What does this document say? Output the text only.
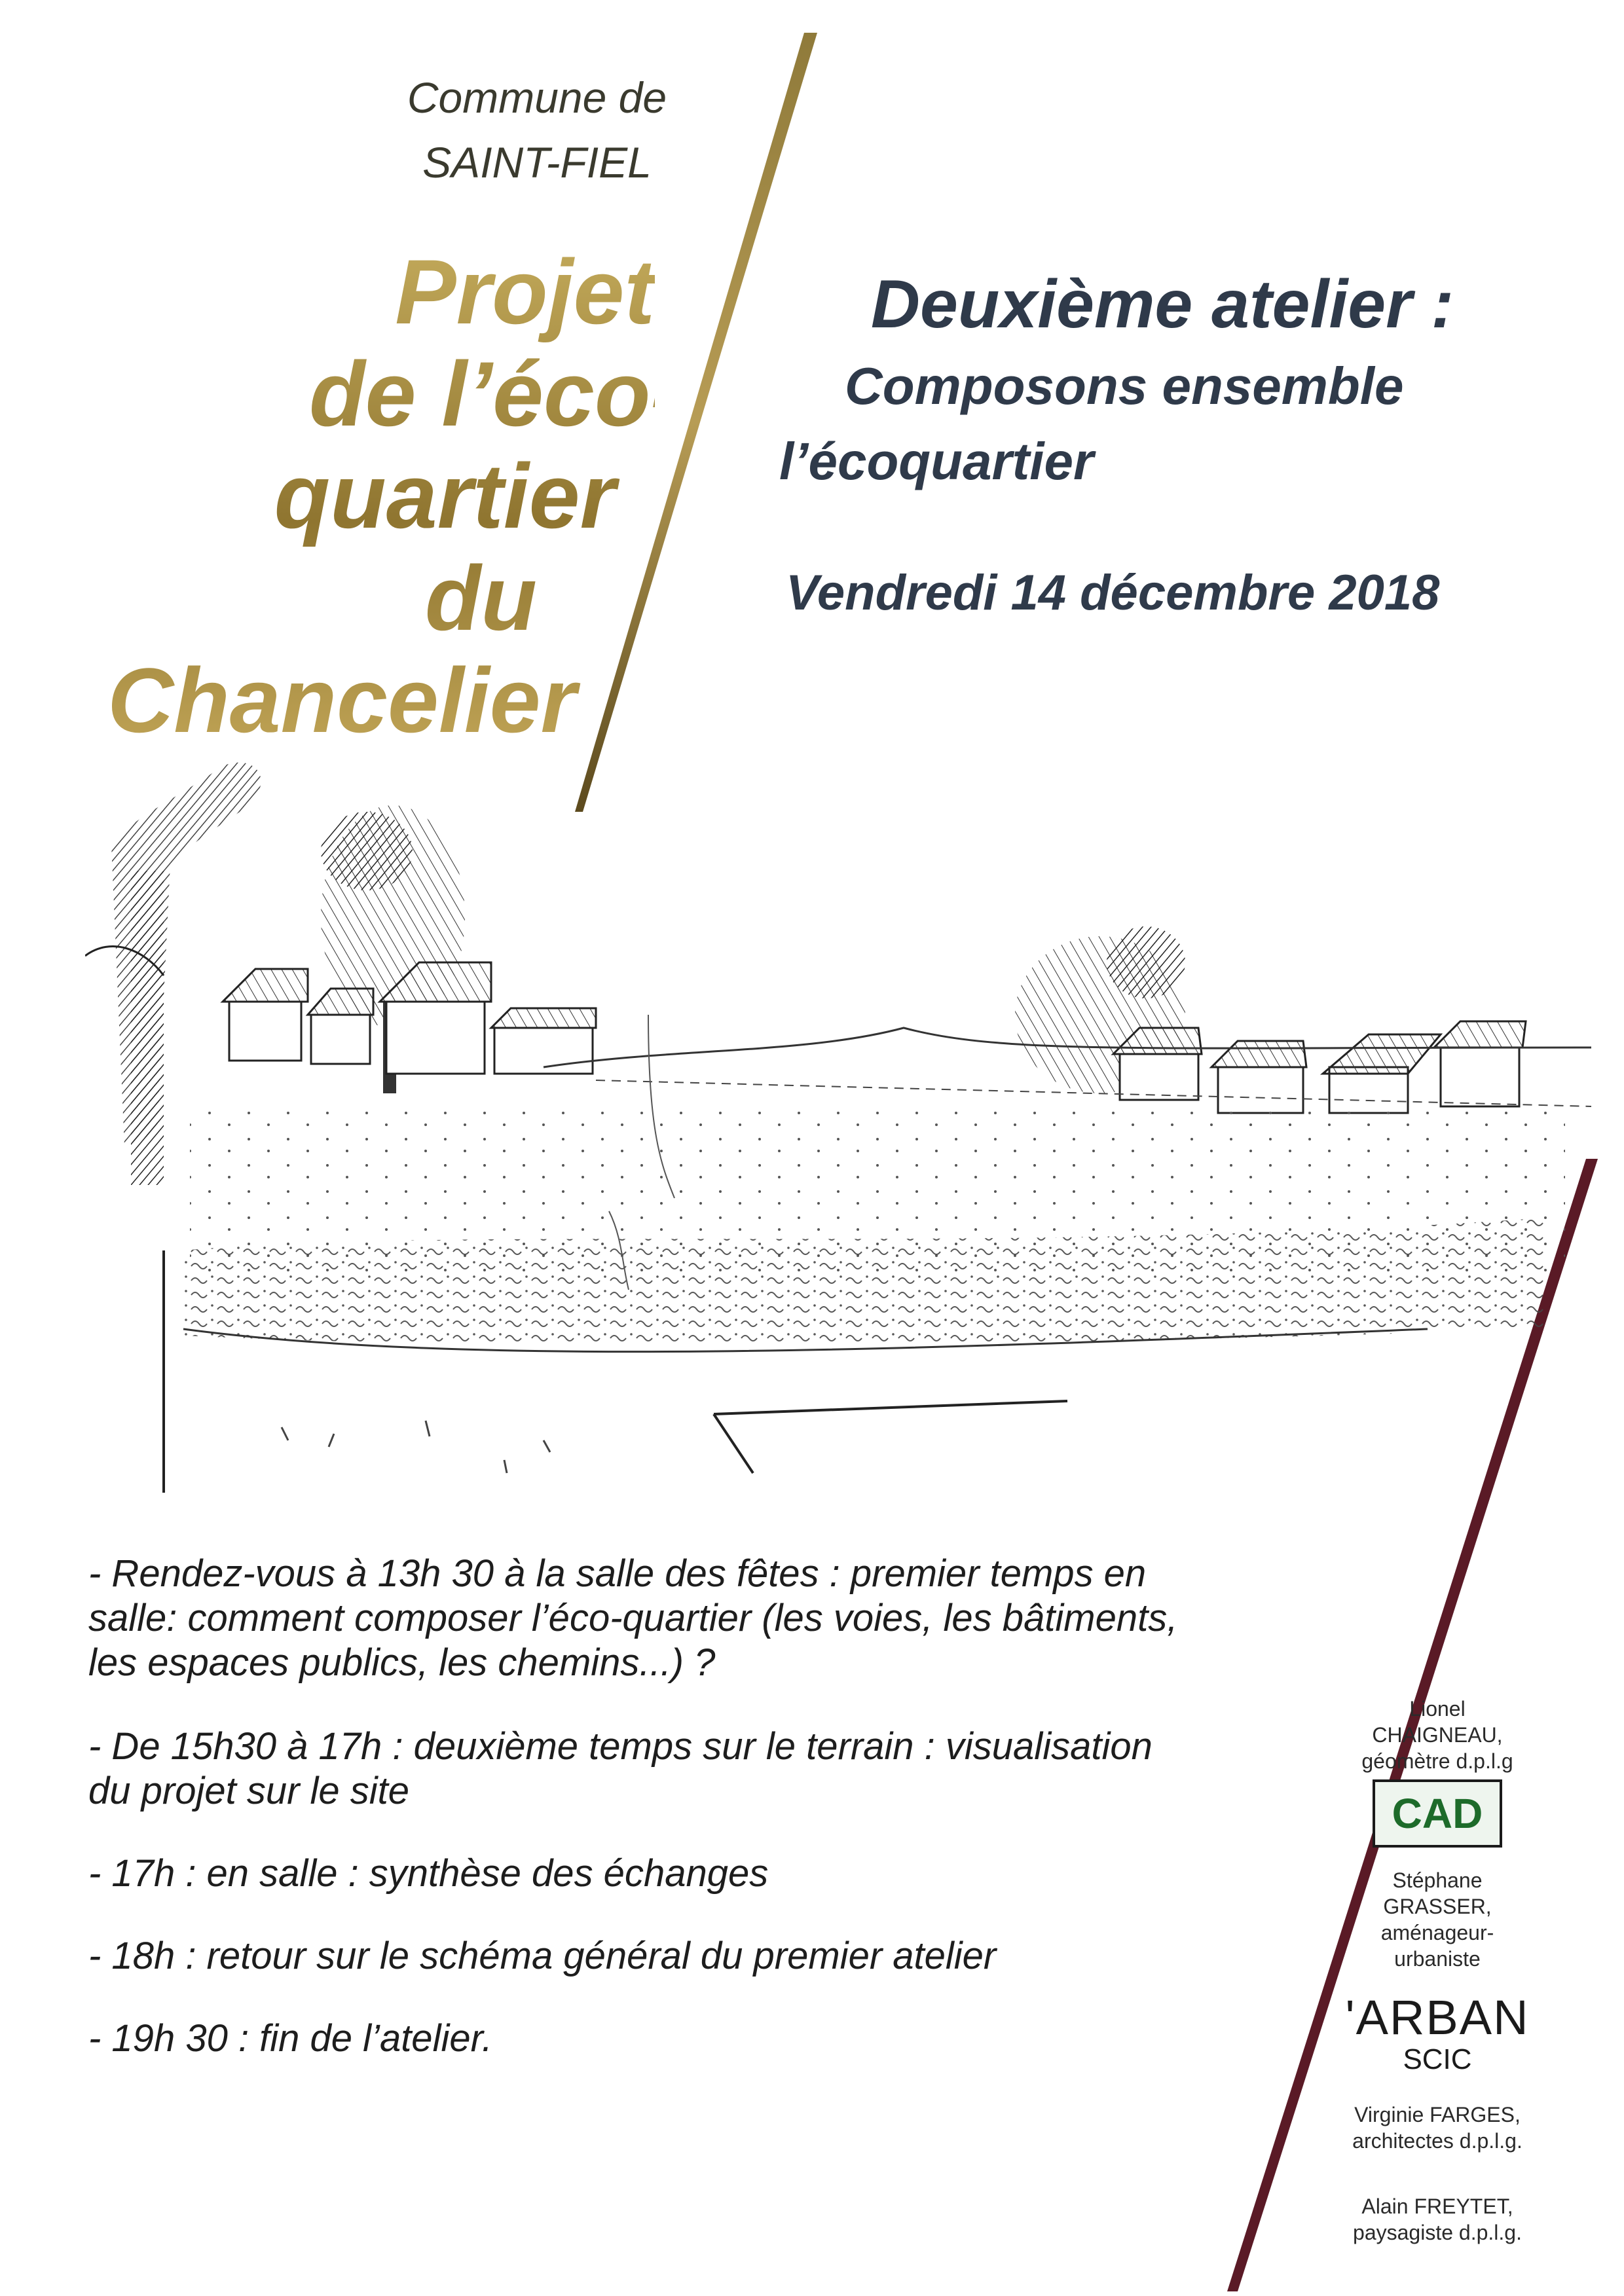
Commune de
SAINT-FIEL
Projet
de l’éco-
quartier
du
Chancelier
Deuxième atelier :
Composons ensemble
l’écoquartier
Vendredi 14 décembre 2018

- Rendez-vous à 13h 30 à la salle des fêtes : premier temps en salle: comment composer l’éco-quartier (les voies, les bâtiments, les espaces publics, les chemins...) ?

- De 15h30 à 17h : deuxième temps sur le terrain : visualisation du projet sur le site

- 17h : en salle : synthèse des échanges

- 18h : retour sur le schéma général du premier atelier

- 19h 30 : fin de l’atelier.

Lionel
CHAIGNEAU,
géomètre d.p.l.g
CAD
Stéphane
GRASSER,
aménageur-
urbaniste
'ARBAN
SCIC
Virginie FARGES,
architectes d.p.l.g.
Alain FREYTET,
paysagiste d.p.l.g.
